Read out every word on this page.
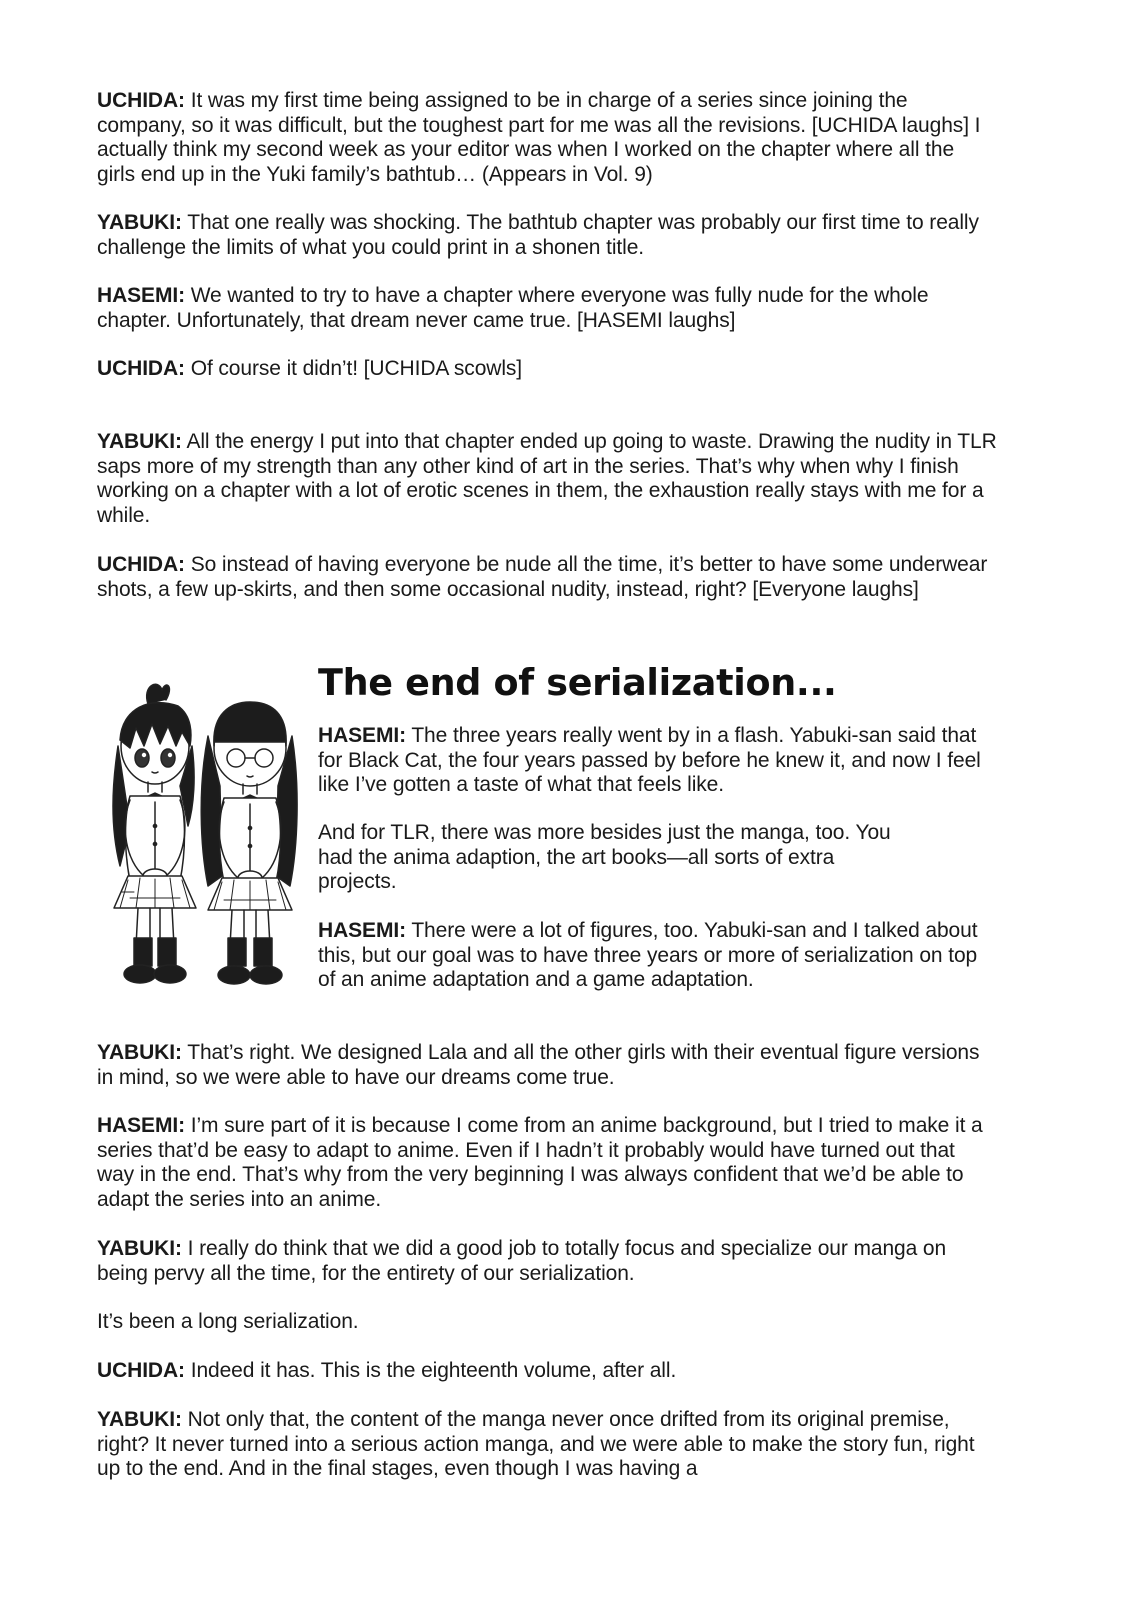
UCHIDA: It was my first time being assigned to be in charge of a series since joining the company, so it was difficult, but the toughest part for me was all the revisions. [UCHIDA laughs] I actually think my second week as your editor was when I worked on the chapter where all the girls end up in the Yuki family’s bathtub… (Appears in Vol. 9)

YABUKI: That one really was shocking. The bathtub chapter was probably our first time to really challenge the limits of what you could print in a shonen title.

HASEMI: We wanted to try to have a chapter where everyone was fully nude for the whole chapter. Unfortunately, that dream never came true. [HASEMI laughs]

UCHIDA: Of course it didn’t! [UCHIDA scowls]

YABUKI: All the energy I put into that chapter ended up going to waste. Drawing the nudity in TLR saps more of my strength than any other kind of art in the series. That’s why when why I finish working on a chapter with a lot of erotic scenes in them, the exhaustion really stays with me for a while.

UCHIDA: So instead of having everyone be nude all the time, it’s better to have some underwear shots, a few up-skirts, and then some occasional nudity, instead, right? [Everyone laughs]

The end of serialization...

HASEMI: The three years really went by in a flash. Yabuki-san said that for Black Cat, the four years passed by before he knew it, and now I feel like I’ve gotten a taste of what that feels like.

And for TLR, there was more besides just the manga, too. You had the anima adaption, the art books—all sorts of extra projects.

HASEMI: There were a lot of figures, too. Yabuki-san and I talked about this, but our goal was to have three years or more of serialization on top of an anime adaptation and a game adaptation.

YABUKI: That’s right. We designed Lala and all the other girls with their eventual figure versions in mind, so we were able to have our dreams come true.

HASEMI: I’m sure part of it is because I come from an anime background, but I tried to make it a series that’d be easy to adapt to anime. Even if I hadn’t it probably would have turned out that way in the end. That’s why from the very beginning I was always confident that we’d be able to adapt the series into an anime.

YABUKI: I really do think that we did a good job to totally focus and specialize our manga on being pervy all the time, for the entirety of our serialization.

It’s been a long serialization.

UCHIDA: Indeed it has. This is the eighteenth volume, after all.

YABUKI: Not only that, the content of the manga never once drifted from its original premise, right? It never turned into a serious action manga, and we were able to make the story fun, right up to the end. And in the final stages, even though I was having a
